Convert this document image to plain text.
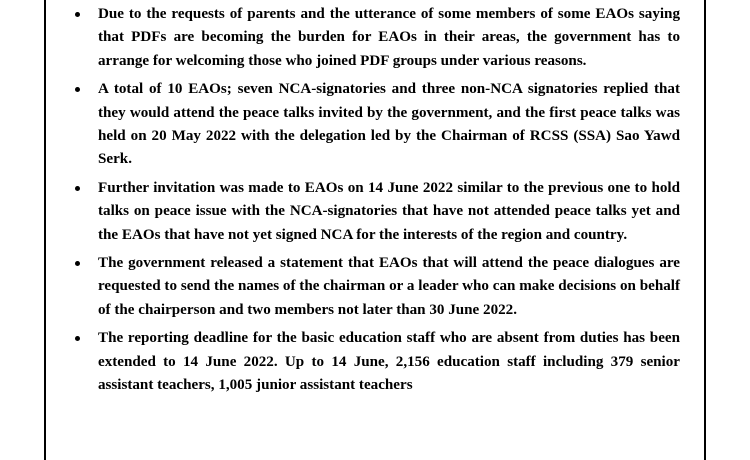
Due to the requests of parents and the utterance of some members of some EAOs saying that PDFs are becoming the burden for EAOs in their areas, the government has to arrange for welcoming those who joined PDF groups under various reasons.
A total of 10 EAOs; seven NCA-signatories and three non-NCA signatories replied that they would attend the peace talks invited by the government, and the first peace talks was held on 20 May 2022 with the delegation led by the Chairman of RCSS (SSA) Sao Yawd Serk.
Further invitation was made to EAOs on 14 June 2022 similar to the previous one to hold talks on peace issue with the NCA-signatories that have not attended peace talks yet and the EAOs that have not yet signed NCA for the interests of the region and country.
The government released a statement that EAOs that will attend the peace dialogues are requested to send the names of the chairman or a leader who can make decisions on behalf of the chairperson and two members not later than 30 June 2022.
The reporting deadline for the basic education staff who are absent from duties has been extended to 14 June 2022. Up to 14 June, 2,156 education staff including 379 senior assistant teachers, 1,005 junior assistant teachers
